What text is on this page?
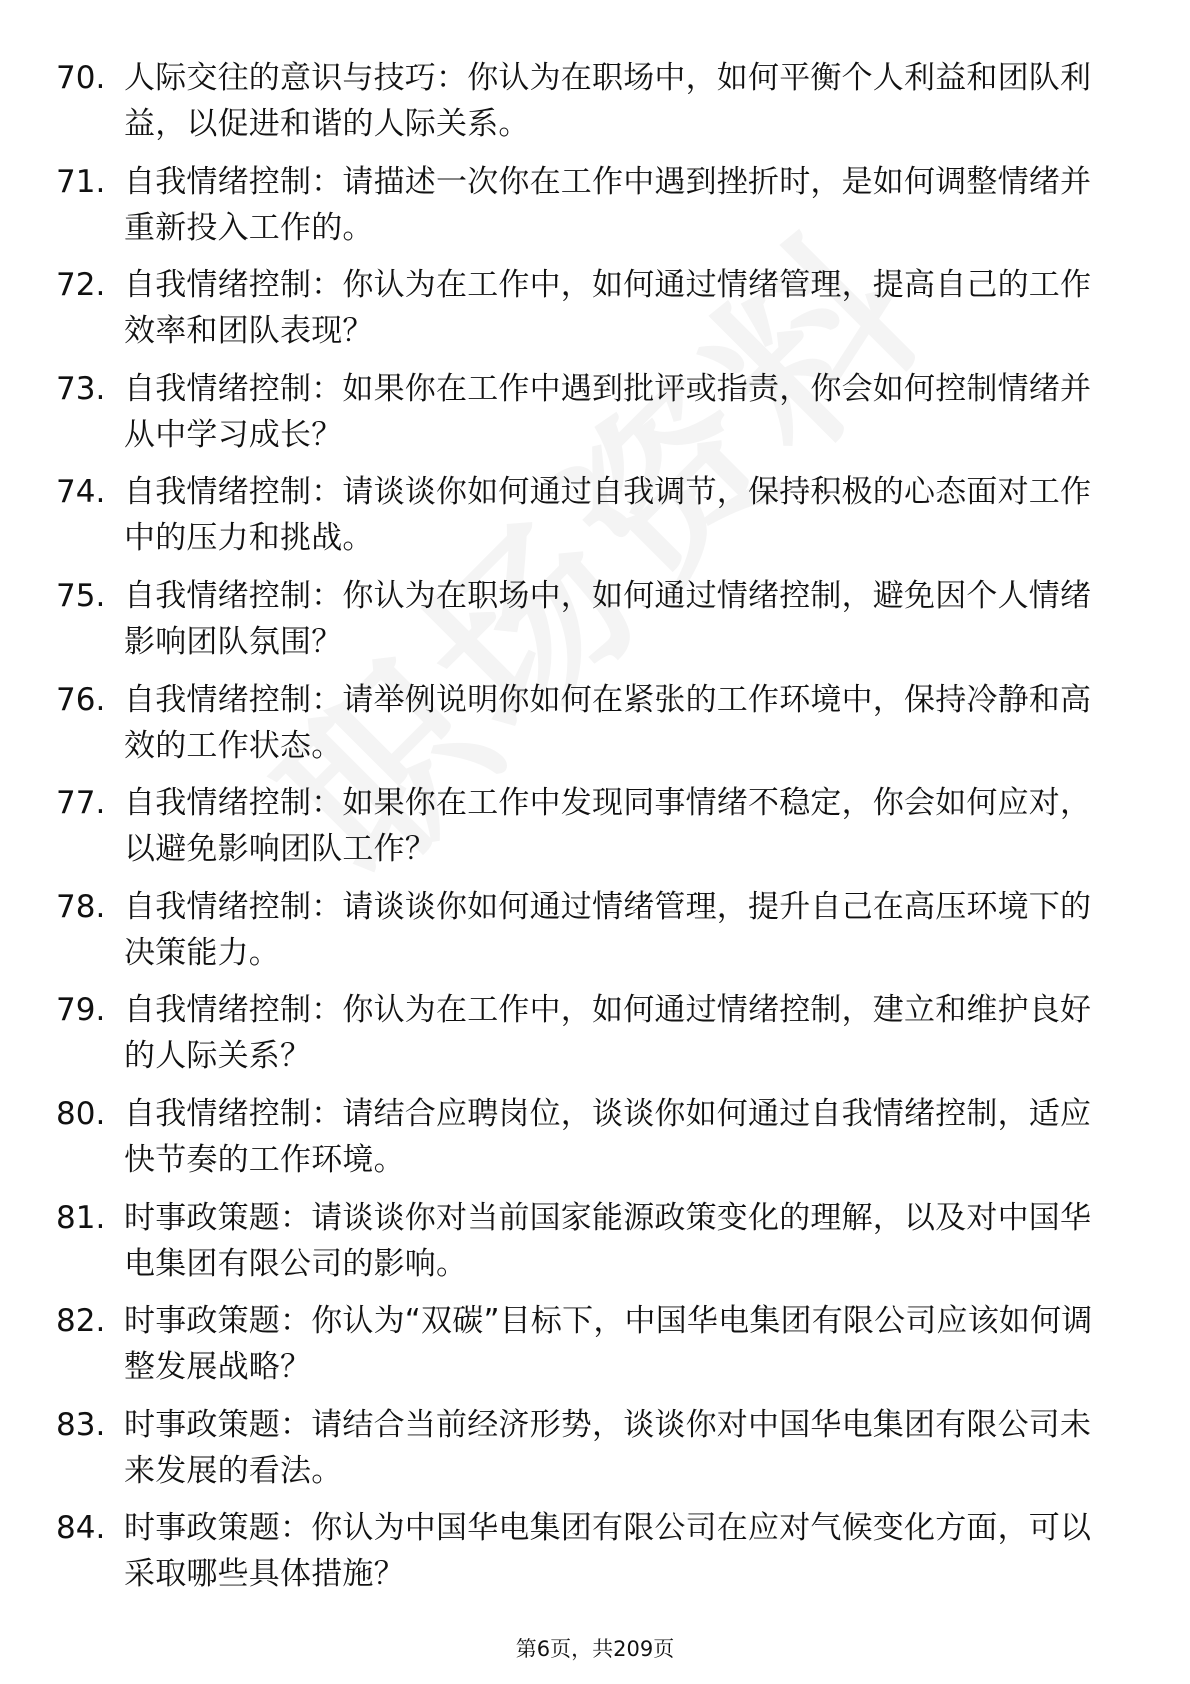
70. 人际交往的意识与技巧：你认为在职场中，如何平衡个人利益和团队利益，以促进和谐的人际关系。
71. 自我情绪控制：请描述一次你在工作中遇到挫折时，是如何调整情绪并重新投入工作的。
72. 自我情绪控制：你认为在工作中，如何通过情绪管理，提高自己的工作效率和团队表现？
73. 自我情绪控制：如果你在工作中遇到批评或指责，你会如何控制情绪并从中学习成长？
74. 自我情绪控制：请谈谈你如何通过自我调节，保持积极的心态面对工作中的压力和挑战。
75. 自我情绪控制：你认为在职场中，如何通过情绪控制，避免因个人情绪影响团队氛围？
76. 自我情绪控制：请举例说明你如何在紧张的工作环境中，保持冷静和高效的工作状态。
77. 自我情绪控制：如果你在工作中发现同事情绪不稳定，你会如何应对，以避免影响团队工作？
78. 自我情绪控制：请谈谈你如何通过情绪管理，提升自己在高压环境下的决策能力。
79. 自我情绪控制：你认为在工作中，如何通过情绪控制，建立和维护良好的人际关系？
80. 自我情绪控制：请结合应聘岗位，谈谈你如何通过自我情绪控制，适应快节奏的工作环境。
81. 时事政策题：请谈谈你对当前国家能源政策变化的理解，以及对中国华电集团有限公司的影响。
82. 时事政策题：你认为“双碳”目标下，中国华电集团有限公司应该如何调整发展战略？
83. 时事政策题：请结合当前经济形势，谈谈你对中国华电集团有限公司未来发展的看法。
84. 时事政策题：你认为中国华电集团有限公司在应对气候变化方面，可以采取哪些具体措施？
第6页，共209页
